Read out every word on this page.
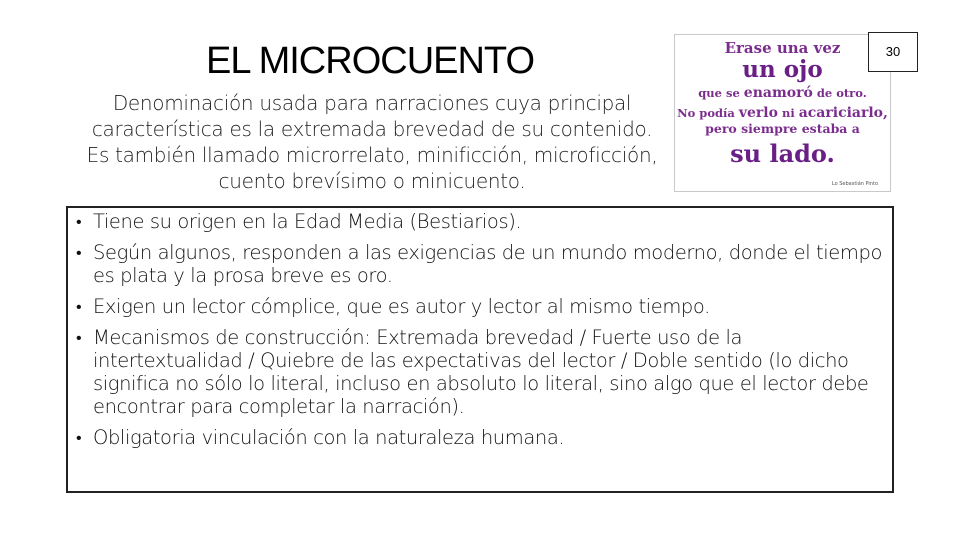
EL MICROCUENTO
Denominación usada para narraciones cuya principal característica es la extremada brevedad de su contenido. Es también llamado microrrelato, minificción, microficción, cuento brevísimo o minicuento.
Erase una vez
un ojo
que se enamoró de otro.
No podía verlo ni acariciarlo,
pero siempre estaba a
su lado.
Lo Sebastián Pinto
30
• Tiene su origen en la Edad Media (Bestiarios).
• Según algunos, responden a las exigencias de un mundo moderno, donde el tiempo es plata y la prosa breve es oro.
• Exigen un lector cómplice, que es autor y lector al mismo tiempo.
• Mecanismos de construcción: Extremada brevedad / Fuerte uso de la intertextualidad / Quiebre de las expectativas del lector / Doble sentido (lo dicho significa no sólo lo literal, incluso en absoluto lo literal, sino algo que el lector debe encontrar para completar la narración).
• Obligatoria vinculación con la naturaleza humana.
